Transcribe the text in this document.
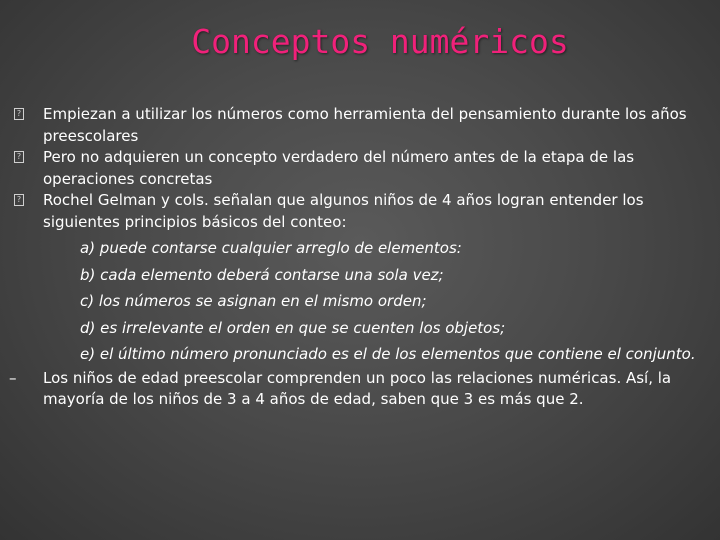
Conceptos numéricos
? Empiezan a utilizar los números como herramienta del pensamiento durante los años preescolares
? Pero no adquieren un concepto verdadero del número antes de la etapa de las operaciones concretas
? Rochel Gelman y cols. señalan que algunos niños de 4 años logran entender los siguientes principios básicos del conteo:
a) puede contarse cualquier arreglo de elementos:
b) cada elemento deberá contarse una sola vez;
c) los números se asignan en el mismo orden;
d) es irrelevante el orden en que se cuenten los objetos;
e) el último número pronunciado es el de los elementos que contiene el conjunto.
– Los niños de edad preescolar comprenden un poco las relaciones numéricas. Así, la mayoría de los niños de 3 a 4 años de edad, saben que 3 es más que 2.
